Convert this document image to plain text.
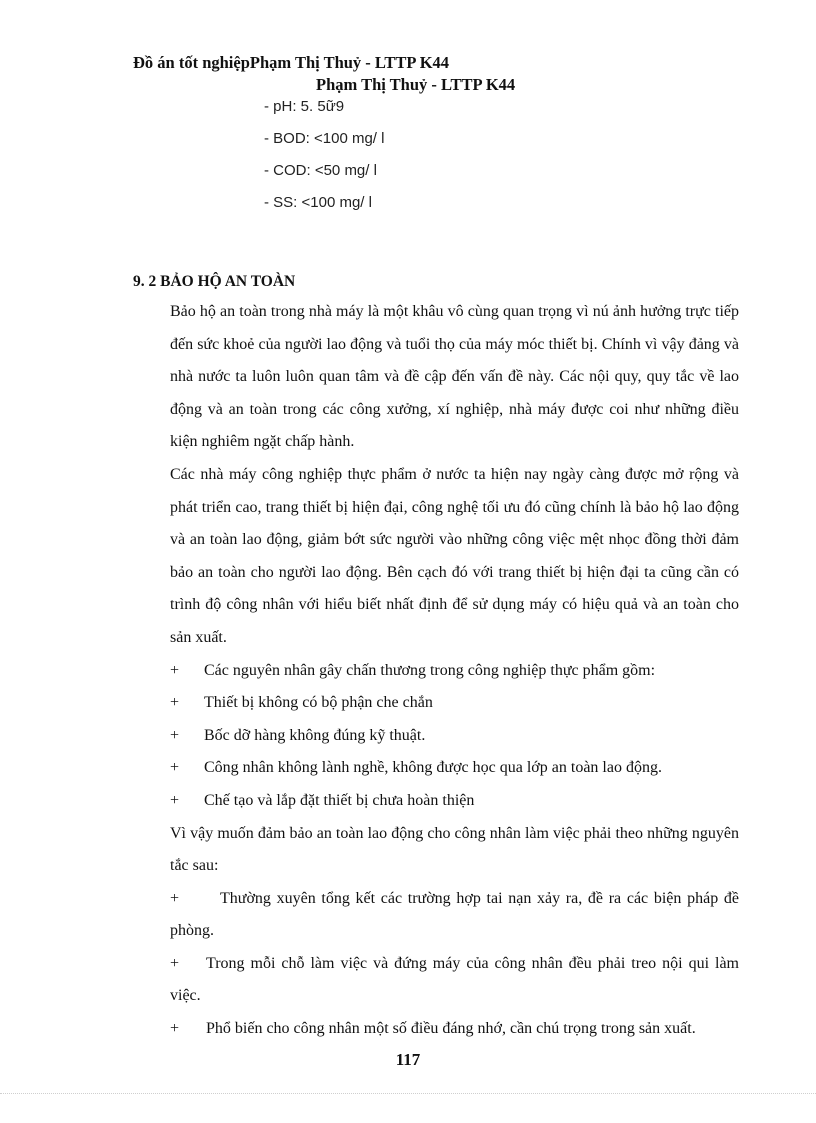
Đồ án tốt nghiệpPhạm Thị Thuỷ - LTTP K44
Phạm Thị Thuỷ - LTTP K44
- pH: 5. 5ữ9
- BOD: <100 mg/ l
- COD: <50 mg/ l
- SS: <100 mg/ l
9. 2 BẢO HỘ AN TOÀN

Bảo hộ an toàn trong nhà máy là một khâu vô cùng quan trọng vì nú ảnh hưởng trực tiếp đến sức khoẻ của người lao động và tuổi thọ của máy móc thiết bị. Chính vì vậy đảng và nhà nước ta luôn luôn quan tâm và đề cập đến vấn đề này. Các nội quy, quy tắc về lao động và an toàn trong các công xưởng, xí nghiệp, nhà máy được coi như những điều kiện nghiêm ngặt chấp hành.

Các nhà máy công nghiệp thực phẩm ở nước ta hiện nay ngày càng được mở rộng và phát triển cao, trang thiết bị hiện đại, công nghệ tối ưu đó cũng chính là bảo hộ lao động và an toàn lao động, giảm bớt sức người vào những công việc mệt nhọc đồng thời đảm bảo an toàn cho người lao động. Bên cạch đó với trang thiết bị hiện đại ta cũng cần có trình độ công nhân với hiểu biết nhất định để sử dụng máy có hiệu quả và an toàn cho sản xuất.

+	Các nguyên nhân gây chấn thương trong công nghiệp thực phẩm gồm:
+	Thiết bị không có bộ phận che chắn
+	Bốc dỡ hàng không đúng kỹ thuật.
+	Công nhân không lành nghề, không được học qua lớp an toàn lao động.
+	Chế tạo và lắp đặt thiết bị chưa hoàn thiện

Vì vậy muốn đảm bảo an toàn lao động cho công nhân làm việc phải theo những nguyên tắc sau:

+	Thường xuyên tổng kết các trường hợp tai nạn xảy ra, đề ra các biện pháp đề phòng.

+ Trong mỗi chỗ làm việc và đứng máy của công nhân đều phải treo nội qui làm việc.

+ Phổ biến cho công nhân một số điều đáng nhớ, cần chú trọng trong sản xuất.

117
